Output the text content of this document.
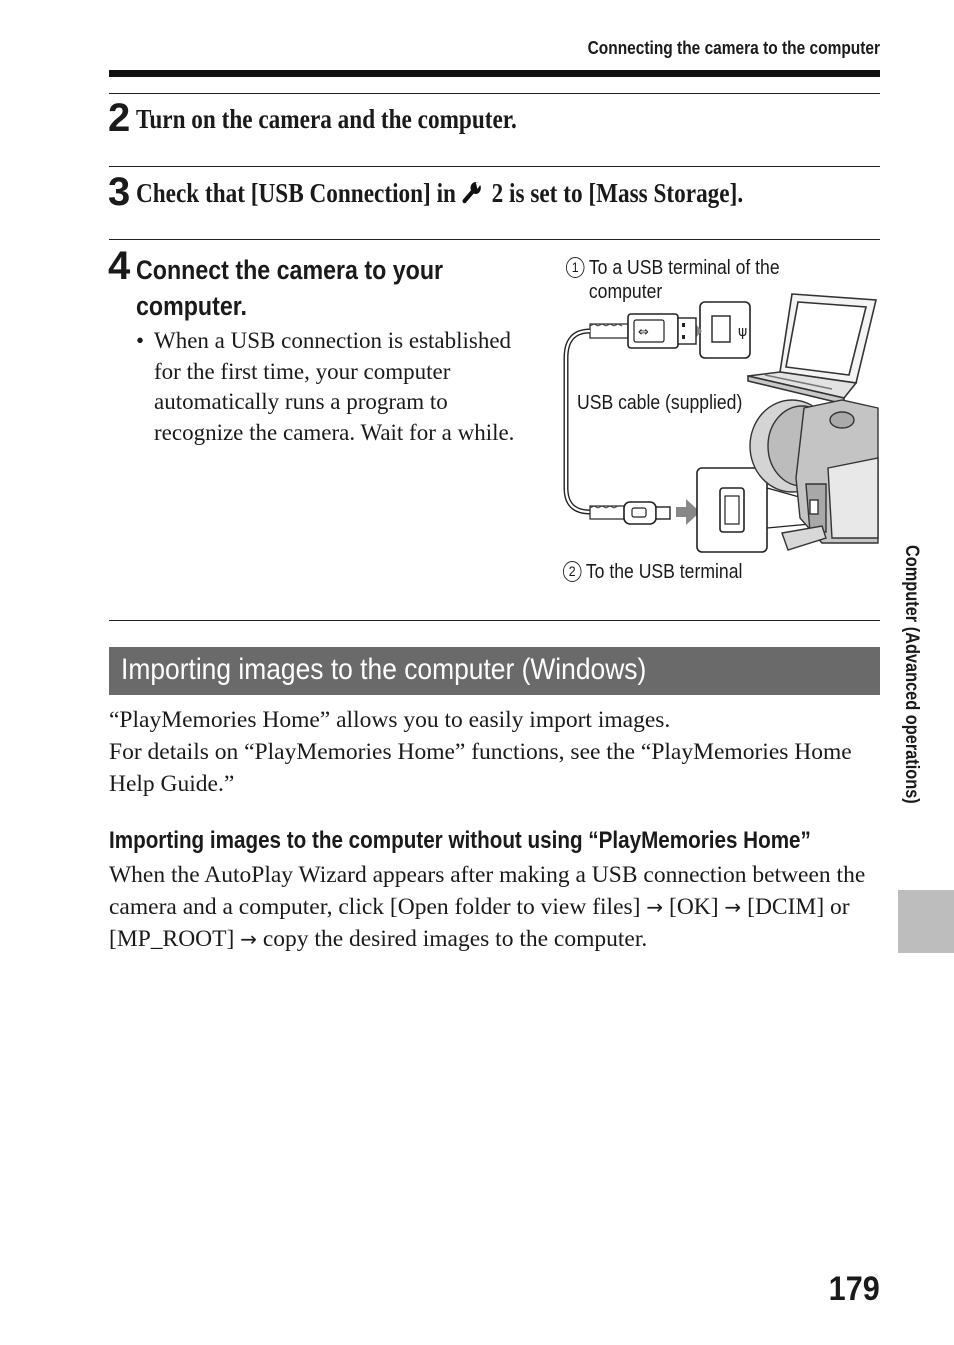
Connecting the camera to the computer
2 Turn on the camera and the computer.
3 Check that [USB Connection] in 2 is set to [Mass Storage].
4 Connect the camera to your computer.
• When a USB connection is established for the first time, your computer automatically runs a program to recognize the camera. Wait for a while.
1 To a USB terminal of the computer
USB cable (supplied)
2 To the USB terminal
ψ
⇔
Importing images to the computer (Windows)
“PlayMemories Home” allows you to easily import images.
For details on “PlayMemories Home” functions, see the “PlayMemories Home Help Guide.”
Importing images to the computer without using “PlayMemories Home”
When the AutoPlay Wizard appears after making a USB connection between the camera and a computer, click [Open folder to view files] → [OK] → [DCIM] or [MP_ROOT] → copy the desired images to the computer.
Computer (Advanced operations)
179
